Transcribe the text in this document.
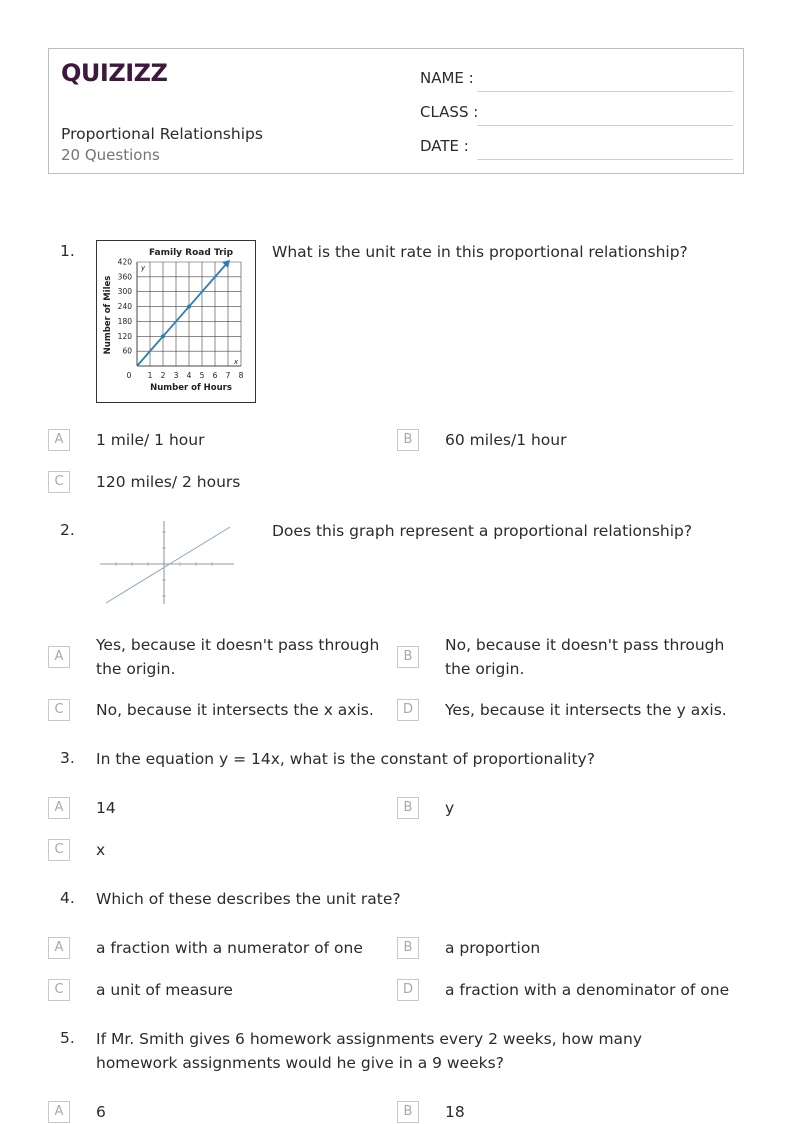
QUIZIZZ
Proportional Relationships
20 Questions
NAME :
CLASS :
DATE :
1.	Family Road Trip
0 1 2 3 4 5 6 7 8
60
120
180
240
300
360
420
Number of Hours
Number of Miles
x
y
What is the unit rate in this proportional relationship?
A	1 mile/ 1 hour	B	60 miles/1 hour
C	120 miles/ 2 hours
2.	Does this graph represent a proportional relationship?
A
Yes, because it doesn't pass through the origin.
B
No, because it doesn't pass through the origin.
C	No, because it intersects the x axis.	D	Yes, because it intersects the y axis.
3. In the equation y = 14x, what is the constant of proportionality?
A	14	B	y
C	x
4. Which of these describes the unit rate?
A	a fraction with a numerator of one	B	a proportion
C	a unit of measure	D	a fraction with a denominator of one
5. If Mr. Smith gives 6 homework assignments every 2 weeks, how many homework assignments would he give in a 9 weeks?
A	6	B	18
